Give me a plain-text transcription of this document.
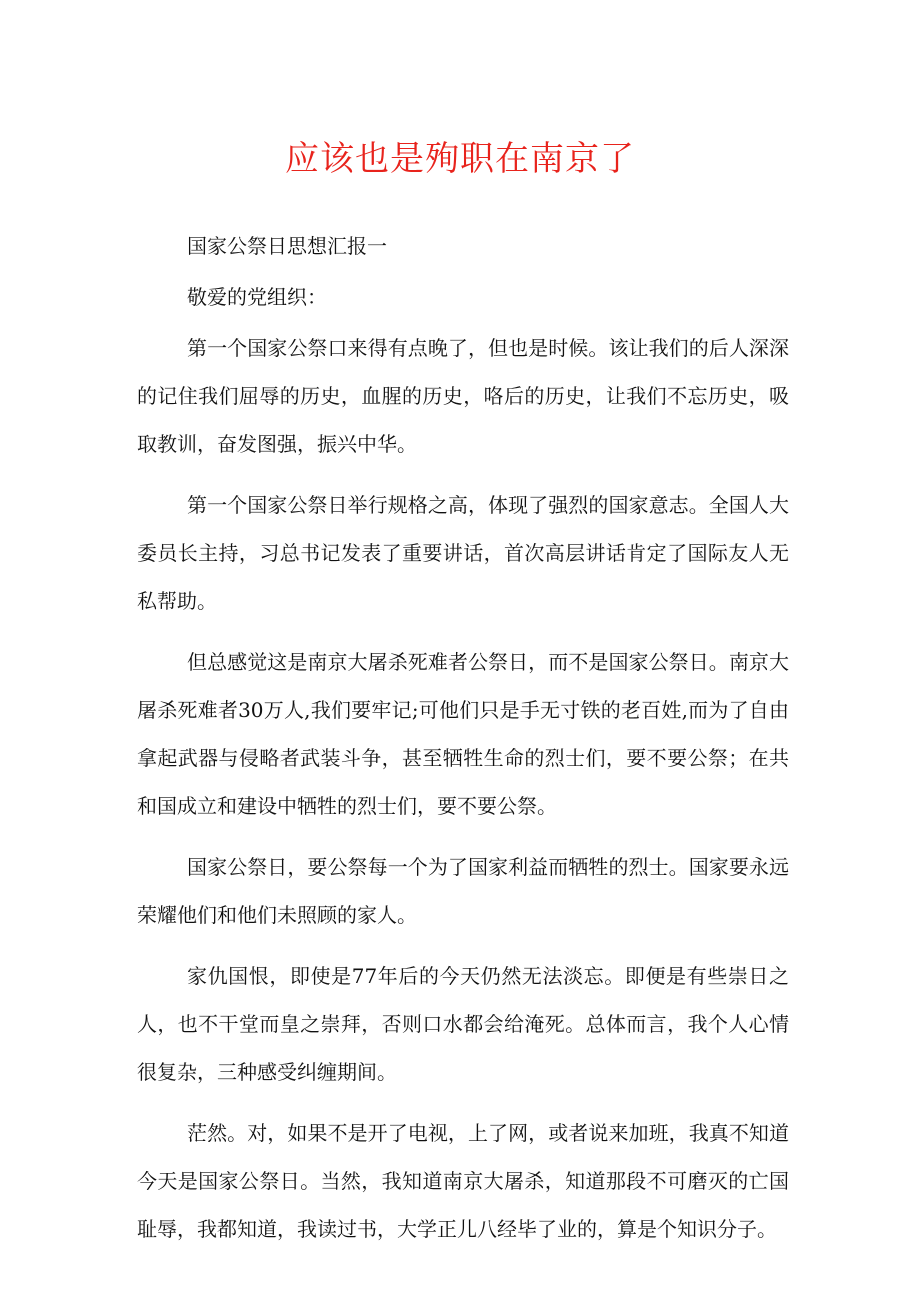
应该也是殉职在南京了

国家公祭日思想汇报一

敬爱的党组织：

第一个国家公祭口来得有点晚了，但也是时候。该让我们的后人深深的记住我们屈辱的历史，血腥的历史，咯后的历史，让我们不忘历史，吸取教训，奋发图强，振兴中华。

第一个国家公祭日举行规格之高，体现了强烈的国家意志。全国人大委员长主持，习总书记发表了重要讲话，首次高层讲话肯定了国际友人无私帮助。

但总感觉这是南京大屠杀死难者公祭日，而不是国家公祭日。南京大屠杀死难者30万人,我们要牢记;可他们只是手无寸铁的老百姓,而为了自由拿起武器与侵略者武装斗争，甚至牺牲生命的烈士们，要不要公祭；在共和国成立和建设中牺牲的烈士们，要不要公祭。

国家公祭日，要公祭每一个为了国家利益而牺牲的烈士。国家要永远荣耀他们和他们未照顾的家人。

家仇国恨，即使是77年后的今天仍然无法淡忘。即便是有些崇日之人，也不干堂而皇之崇拜，否则口水都会给淹死。总体而言，我个人心情很复杂，三种感受纠缠期间。

茫然。对，如果不是开了电视，上了网，或者说来加班，我真不知道今天是国家公祭日。当然，我知道南京大屠杀，知道那段不可磨灭的亡国耻辱，我都知道，我读过书，大学正儿八经毕了业的，算是个知识分子。
